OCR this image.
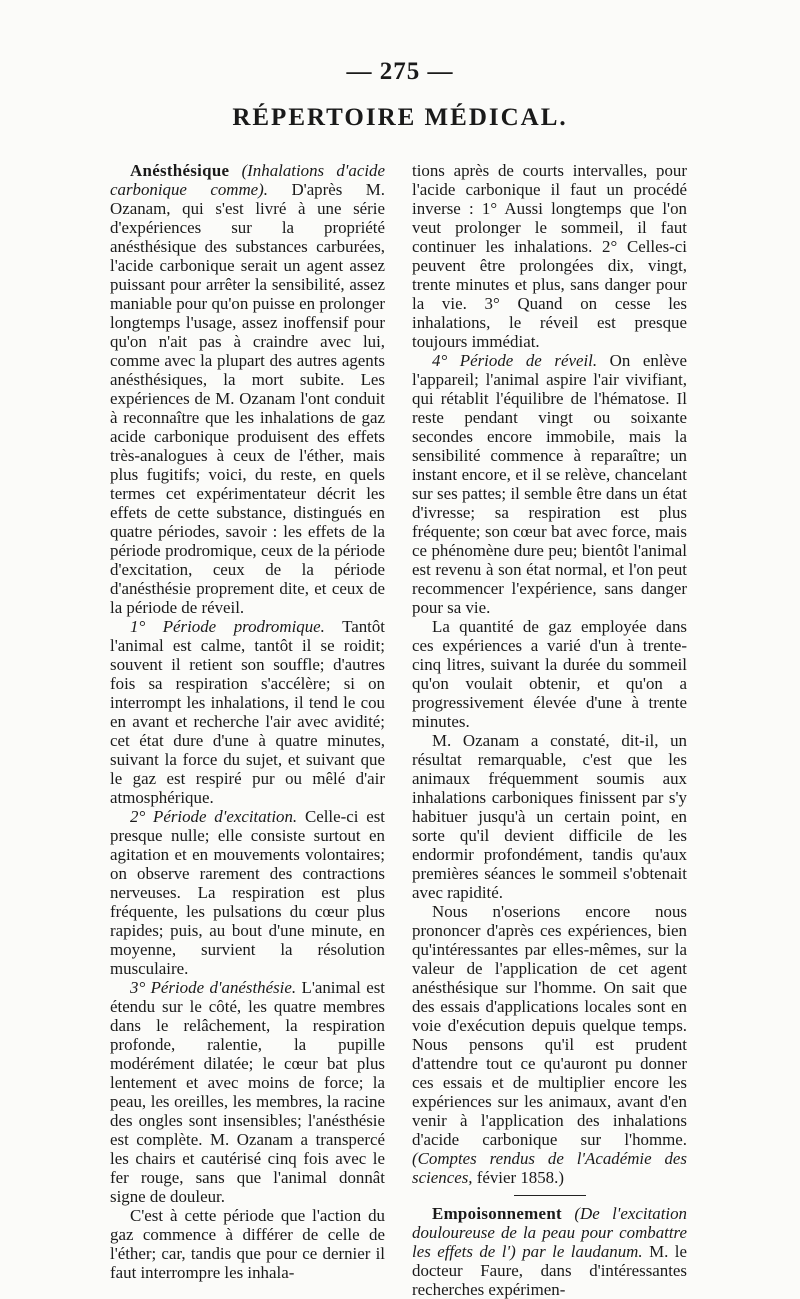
— 275 —
RÉPERTOIRE MÉDICAL.

Anésthésique (Inhalations d'acide carbonique comme). D'après M. Ozanam, qui s'est livré à une série d'expériences sur la propriété anésthésique des substances carburées, l'acide carbonique serait un agent assez puissant pour arrêter la sensibilité, assez maniable pour qu'on puisse en prolonger longtemps l'usage, assez inoffensif pour qu'on n'ait pas à craindre avec lui, comme avec la plupart des autres agents anésthésiques, la mort subite. Les expériences de M. Ozanam l'ont conduit à reconnaître que les inhalations de gaz acide carbonique produisent des effets très-analogues à ceux de l'éther, mais plus fugitifs; voici, du reste, en quels termes cet expérimentateur décrit les effets de cette substance, distingués en quatre périodes, savoir : les effets de la période prodromique, ceux de la période d'excitation, ceux de la période d'anésthésie proprement dite, et ceux de la période de réveil.

1° Période prodromique. Tantôt l'animal est calme, tantôt il se roidit; souvent il retient son souffle; d'autres fois sa respiration s'accélère; si on interrompt les inhalations, il tend le cou en avant et recherche l'air avec avidité; cet état dure d'une à quatre minutes, suivant la force du sujet, et suivant que le gaz est respiré pur ou mêlé d'air atmosphérique.

2° Période d'excitation. Celle-ci est presque nulle; elle consiste surtout en agitation et en mouvements volontaires; on observe rarement des contractions nerveuses. La respiration est plus fréquente, les pulsations du cœur plus rapides; puis, au bout d'une minute, en moyenne, survient la résolution musculaire.

3° Période d'anésthésie. L'animal est étendu sur le côté, les quatre membres dans le relâchement, la respiration profonde, ralentie, la pupille modérément dilatée; le cœur bat plus lentement et avec moins de force; la peau, les oreilles, les membres, la racine des ongles sont insensibles; l'anésthésie est complète. M. Ozanam a transpercé les chairs et cautérisé cinq fois avec le fer rouge, sans que l'animal donnât signe de douleur.

C'est à cette période que l'action du gaz commence à différer de celle de l'éther; car, tandis que pour ce dernier il faut interrompre les inhala-

tions après de courts intervalles, pour l'acide carbonique il faut un procédé inverse : 1° Aussi longtemps que l'on veut prolonger le sommeil, il faut continuer les inhalations. 2° Celles-ci peuvent être prolongées dix, vingt, trente minutes et plus, sans danger pour la vie. 3° Quand on cesse les inhalations, le réveil est presque toujours immédiat.

4° Période de réveil. On enlève l'appareil; l'animal aspire l'air vivifiant, qui rétablit l'équilibre de l'hématose. Il reste pendant vingt ou soixante secondes encore immobile, mais la sensibilité commence à reparaître; un instant encore, et il se relève, chancelant sur ses pattes; il semble être dans un état d'ivresse; sa respiration est plus fréquente; son cœur bat avec force, mais ce phénomène dure peu; bientôt l'animal est revenu à son état normal, et l'on peut recommencer l'expérience, sans danger pour sa vie.

La quantité de gaz employée dans ces expériences a varié d'un à trente-cinq litres, suivant la durée du sommeil qu'on voulait obtenir, et qu'on a progressivement élevée d'une à trente minutes.

M. Ozanam a constaté, dit-il, un résultat remarquable, c'est que les animaux fréquemment soumis aux inhalations carboniques finissent par s'y habituer jusqu'à un certain point, en sorte qu'il devient difficile de les endormir profondément, tandis qu'aux premières séances le sommeil s'obtenait avec rapidité.

Nous n'oserions encore nous prononcer d'après ces expériences, bien qu'intéressantes par elles-mêmes, sur la valeur de l'application de cet agent anésthésique sur l'homme. On sait que des essais d'applications locales sont en voie d'exécution depuis quelque temps. Nous pensons qu'il est prudent d'attendre tout ce qu'auront pu donner ces essais et de multiplier encore les expériences sur les animaux, avant d'en venir à l'application des inhalations d'acide carbonique sur l'homme. (Comptes rendus de l'Académie des sciences, févier 1858.)

Empoisonnement (De l'excitation douloureuse de la peau pour combattre les effets de l') par le laudanum. M. le docteur Faure, dans d'intéressantes recherches expérimen-
